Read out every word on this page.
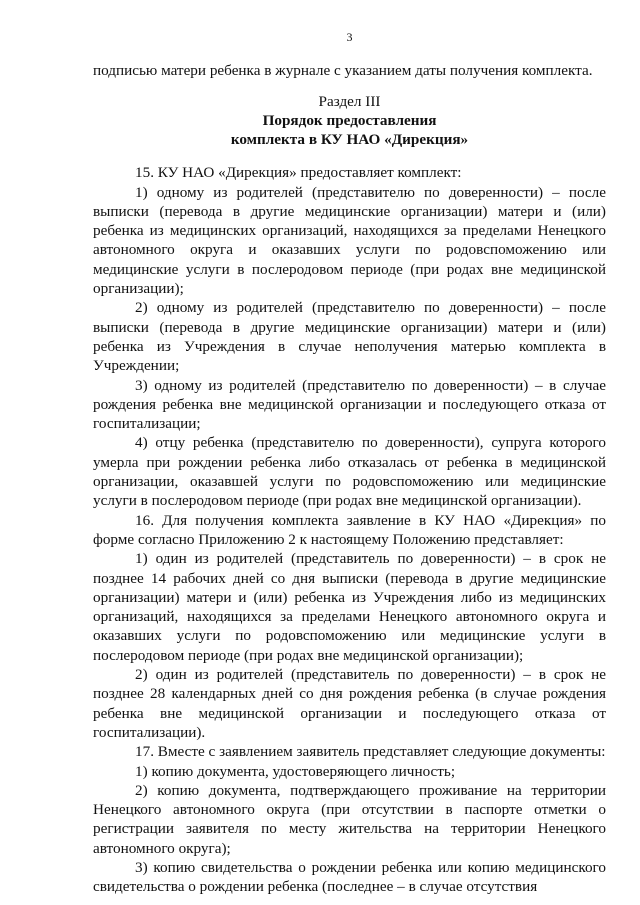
3

подписью матери ребенка в журнале с указанием даты получения комплекта.

Раздел III
Порядок предоставления
комплекта в КУ НАО «Дирекция»

15. КУ НАО «Дирекция» предоставляет комплект:

1) одному из родителей (представителю по доверенности) – после выписки (перевода в другие медицинские организации) матери и (или) ребенка из медицинских организаций, находящихся за пределами Ненецкого автономного округа и оказавших услуги по родовспоможению или медицинские услуги в послеродовом периоде (при родах вне медицинской организации);

2) одному из родителей (представителю по доверенности) – после выписки (перевода в другие медицинские организации) матери и (или) ребенка из Учреждения в случае неполучения матерью комплекта в Учреждении;

3) одному из родителей (представителю по доверенности) – в случае рождения ребенка вне медицинской организации и последующего отказа от госпитализации;

4) отцу ребенка (представителю по доверенности), супруга которого умерла при рождении ребенка либо отказалась от ребенка в медицинской организации, оказавшей услуги по родовспоможению или медицинские услуги в послеродовом периоде (при родах вне медицинской организации).

16. Для получения комплекта заявление в КУ НАО «Дирекция» по форме согласно Приложению 2 к настоящему Положению представляет:

1) один из родителей (представитель по доверенности) – в срок не позднее 14 рабочих дней со дня выписки (перевода в другие медицинские организации) матери и (или) ребенка из Учреждения либо из медицинских организаций, находящихся за пределами Ненецкого автономного округа и оказавших услуги по родовспоможению или медицинские услуги в послеродовом периоде (при родах вне медицинской организации);

2) один из родителей (представитель по доверенности) – в срок не позднее 28 календарных дней со дня рождения ребенка (в случае рождения ребенка вне медицинской организации и последующего отказа от госпитализации).

17. Вместе с заявлением заявитель представляет следующие документы:

1) копию документа, удостоверяющего личность;

2) копию документа, подтверждающего проживание на территории Ненецкого автономного округа (при отсутствии в паспорте отметки о регистрации заявителя по месту жительства на территории Ненецкого автономного округа);

3) копию свидетельства о рождении ребенка или копию медицинского свидетельства о рождении ребенка (последнее – в случае отсутствия
